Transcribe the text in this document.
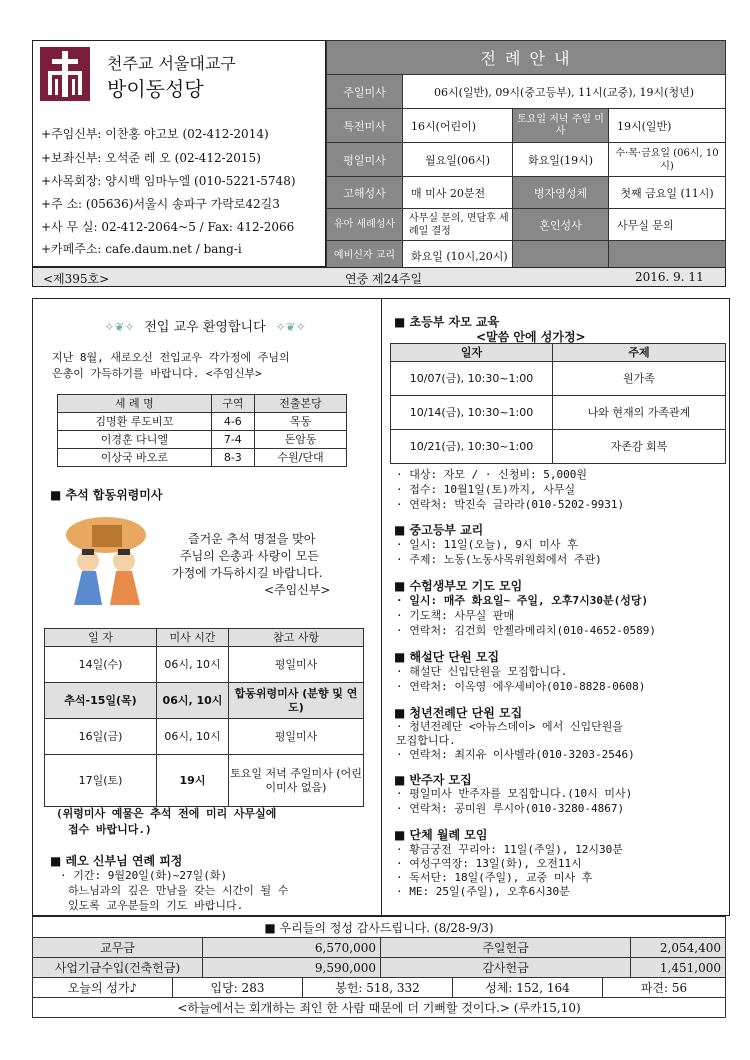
천주교 서울대교구
방이동성당
+주임신부: 이찬홍 야고보 (02-412-2014)
+보좌신부: 오석준 레 오 (02-412-2015)
+사목회장: 양시백 임마누엘 (010-5221-5748)
+주 소: (05636)서울시 송파구 가락로42길3
+사 무 실: 02-412-2064~5 / Fax: 412-2066
+카페주소: cafe.daum.net / bang-i
전 례 안 내			
주일미사	06시(일반), 09시(중고등부), 11시(교중), 19시(청년)		
특전미사	16시(어린이)	토요일 저녁 주일 미사	19시(일반)
평일미사	월요일(06시)	화요일(19시)	수·목·금요일 (06시, 10시)
고해성사	매 미사 20분전	병자영성체	첫째 금요일 (11시)
유아 세례성사	사무실 문의, 면담후 세례일 결정	혼인성사	사무실 문의
예비신자 교리	화요일 (10시,20시)		
<제395호>	연중 제24주일	2016. 9. 11
✧❦✧ 전입 교우 환영합니다 ✧❦✧
지난 8월, 새로오신 전입교우 각가정에 주님의
은총이 가득하기를 바랍니다. <주임신부>
세 례 명	구역	전출본당
김명환 루도비꼬	4-6	목동
이경훈 다니엘	7-4	돈암동
이상국 바오로	8-3	수원/단대
■ 추석 합동위령미사
즐거운 추석 명절을 맞아
주님의 은총과 사랑이 모든
가정에 가득하시길 바랍니다.
<주임신부>
일 자	미사 시간	참고 사항
14일(수)	06시, 10시	평일미사
추석-15일(목)	06시, 10시	합동위령미사 (분향 및 연도)
16일(금)	06시, 10시	평일미사
17일(토)	19시	토요일 저녁 주일미사 (어린이미사 없음)
(위령미사 예물은 추석 전에 미리 사무실에
접수 바랍니다.)
■ 레오 신부님 연례 피정
· 기간: 9월20일(화)~27일(화)
하느님과의 깊은 만남을 갖는 시간이 될 수
있도록 교우분들의 기도 바랍니다.
■ 초등부 자모 교육
<말씀 안에 성가정>
일자	주제
10/07(금), 10:30~1:00	원가족
10/14(금), 10:30~1:00	나와 현재의 가족관계
10/21(금), 10:30~1:00	자존감 회복
· 대상: 자모 / · 신청비: 5,000원
· 접수: 10월1일(토)까지, 사무실
· 연락처: 박진숙 글라라(010-5202-9931)
■ 중고등부 교리
· 일시: 11일(오늘), 9시 미사 후
· 주제: 노동(노동사목위원회에서 주관)
■ 수험생부모 기도 모임
· 일시: 매주 화요일~ 주일, 오후7시30분(성당)
· 기도책: 사무실 판매
· 연락처: 김건희 안젤라메리치(010-4652-0589)
■ 해설단 단원 모집
· 해설단 신입단원을 모집합니다.
· 연락처: 이옥영 에우세비아(010-8828-0608)
■ 청년전례단 단원 모집
· 청년전례단 <아뉴스데이> 에서 신입단원을
모집합니다.
· 연락처: 최지유 이사벨라(010-3203-2546)
■ 반주자 모집
· 평일미사 반주자를 모집합니다.(10시 미사)
· 연락처: 공미원 루시아(010-3280-4867)
■ 단체 월례 모임
· 황금궁전 꾸리아: 11일(주일), 12시30분
· 여성구역장: 13일(화), 오전11시
· 독서단: 18일(주일), 교중 미사 후
· ME: 25일(주일), 오후6시30분
■ 우리들의 정성 감사드립니다. (8/28-9/3)			
교무금	6,570,000	주일헌금	2,054,400
사업기금수입(건축헌금)	9,590,000	감사헌금	1,451,000
오늘의 성가♪	입당: 283	봉헌: 518, 332	성체: 152, 164	파견: 56
<하늘에서는 회개하는 죄인 한 사람 때문에 더 기뻐할 것이다.> (루카15,10)
